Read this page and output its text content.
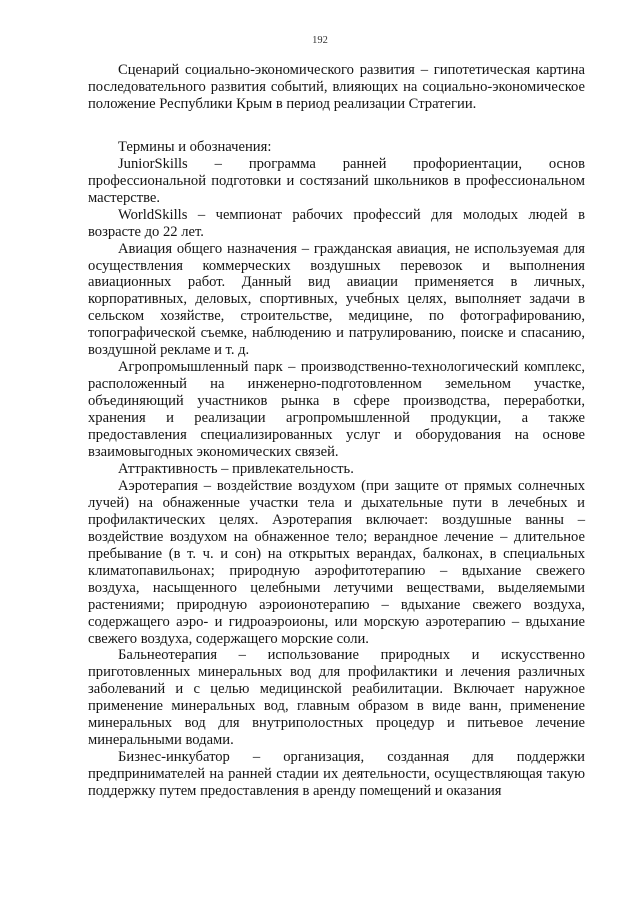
192

Сценарий социально-экономического развития – гипотетическая картина последовательного развития событий, влияющих на социально-экономическое положение Республики Крым в период реализации Стратегии.

Термины и обозначения:

JuniorSkills – программа ранней профориентации, основ профессиональной подготовки и состязаний школьников в профессиональном мастерстве.

WorldSkills – чемпионат рабочих профессий для молодых людей в возрасте до 22 лет.

Авиация общего назначения – гражданская авиация, не используемая для осуществления коммерческих воздушных перевозок и выполнения авиационных работ. Данный вид авиации применяется в личных, корпоративных, деловых, спортивных, учебных целях, выполняет задачи в сельском хозяйстве, строительстве, медицине, по фотографированию, топографической съемке, наблюдению и патрулированию, поиске и спасанию, воздушной рекламе и т. д.

Агропромышленный парк – производственно-технологический комплекс, расположенный на инженерно-подготовленном земельном участке, объединяющий участников рынка в сфере производства, переработки, хранения и реализации агропромышленной продукции, а также предоставления специализированных услуг и оборудования на основе взаимовыгодных экономических связей.

Аттрактивность – привлекательность.

Аэротерапия – воздействие воздухом (при защите от прямых солнечных лучей) на обнаженные участки тела и дыхательные пути в лечебных и профилактических целях. Аэротерапия включает: воздушные ванны – воздействие воздухом на обнаженное тело; верандное лечение – длительное пребывание (в т. ч. и сон) на открытых верандах, балконах, в специальных климатопавильонах; природную аэрофитотерапию – вдыхание свежего воздуха, насыщенного целебными летучими веществами, выделяемыми растениями; природную аэроионотерапию – вдыхание свежего воздуха, содержащего аэро- и гидроаэроионы, или морскую аэротерапию – вдыхание свежего воздуха, содержащего морские соли.

Бальнеотерапия – использование природных и искусственно приготовленных минеральных вод для профилактики и лечения различных заболеваний и с целью медицинской реабилитации. Включает наружное применение минеральных вод, главным образом в виде ванн, применение минеральных вод для внутриполостных процедур и питьевое лечение минеральными водами.

Бизнес-инкубатор – организация, созданная для поддержки предпринимателей на ранней стадии их деятельности, осуществляющая такую поддержку путем предоставления в аренду помещений и оказания
